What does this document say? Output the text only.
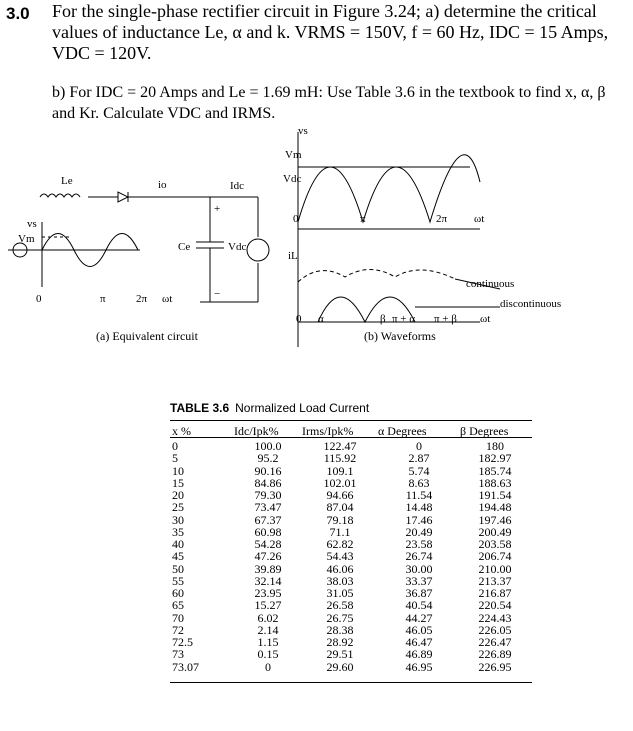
3.0 For the single-phase rectifier circuit in Figure 3.24; a) determine the critical values of inductance Le, α and k. VRMS = 150V, f = 60 Hz, IDC = 15 Amps, VDC = 120V.
b) For IDC = 20 Amps and Le = 1.69 mH: Use Table 3.6 in the textbook to find x, α, β and Kr. Calculate VDC and IRMS.
Le	io	Idc
+
−
Ce	Vdc
vs
Vm
0	π	2π ωt
vs
Vm
Vdc
0	π	2π ωt
iL
0 α	β π + α π + β ωt
continuous
discontinuous
(a) Equivalent circuit	(b) Waveforms
TABLE 3.6 Normalized Load Current
x %	Idc/Ipk%	Irms/Ipk%	α Degrees	β Degrees
0	100.0	122.47	0	180
5	95.2	115.92	2.87	182.97
10	90.16	109.1	5.74	185.74
15	84.86	102.01	8.63	188.63
20	79.30	94.66	11.54	191.54
25	73.47	87.04	14.48	194.48
30	67.37	79.18	17.46	197.46
35	60.98	71.1	20.49	200.49
40	54.28	62.82	23.58	203.58
45	47.26	54.43	26.74	206.74
50	39.89	46.06	30.00	210.00
55	32.14	38.03	33.37	213.37
60	23.95	31.05	36.87	216.87
65	15.27	26.58	40.54	220.54
70	6.02	26.75	44.27	224.43
72	2.14	28.38	46.05	226.05
72.5	1.15	28.92	46.47	226.47
73	0.15	29.51	46.89	226.89
73.07	0	29.60	46.95	226.95
